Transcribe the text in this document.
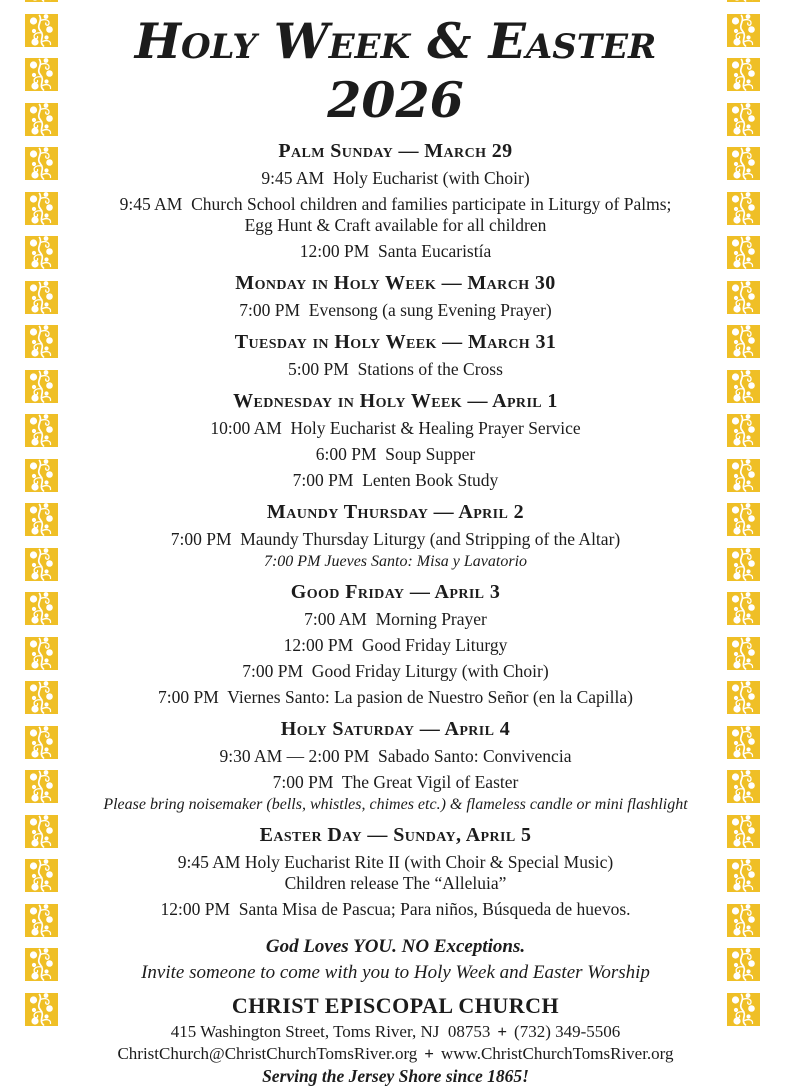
Holy Week & Easter 2026
Palm Sunday — March 29

9:45 AM  Holy Eucharist (with Choir)

9:45 AM  Church School children and families participate in Liturgy of Palms;
Egg Hunt & Craft available for all children

12:00 PM  Santa Eucaristía

Monday in Holy Week — March 30

7:00 PM  Evensong (a sung Evening Prayer)

Tuesday in Holy Week — March 31

5:00 PM  Stations of the Cross

Wednesday in Holy Week — April 1

10:00 AM  Holy Eucharist & Healing Prayer Service

6:00 PM  Soup Supper

7:00 PM  Lenten Book Study

Maundy Thursday — April 2

7:00 PM  Maundy Thursday Liturgy (and Stripping of the Altar)
7:00 PM Jueves Santo: Misa y Lavatorio

Good Friday — April 3

7:00 AM  Morning Prayer

12:00 PM  Good Friday Liturgy

7:00 PM  Good Friday Liturgy (with Choir)

7:00 PM  Viernes Santo: La pasion de Nuestro Señor (en la Capilla)

Holy Saturday — April 4

9:30 AM — 2:00 PM  Sabado Santo: Convivencia

7:00 PM  The Great Vigil of Easter
Please bring noisemaker (bells, whistles, chimes etc.) & flameless candle or mini flashlight

Easter Day — Sunday, April 5

9:45 AM Holy Eucharist Rite II (with Choir & Special Music)
Children release The “Alleluia”

12:00 PM  Santa Misa de Pascua; Para niños, Búsqueda de huevos.

God Loves YOU. NO Exceptions.
Invite someone to come with you to Holy Week and Easter Worship
CHRIST EPISCOPAL CHURCH

415 Washington Street, Toms River, NJ  08753 + (732) 349-5506

ChristChurch@ChristChurchTomsRiver.org + www.ChristChurchTomsRiver.org

Serving the Jersey Shore since 1865!
